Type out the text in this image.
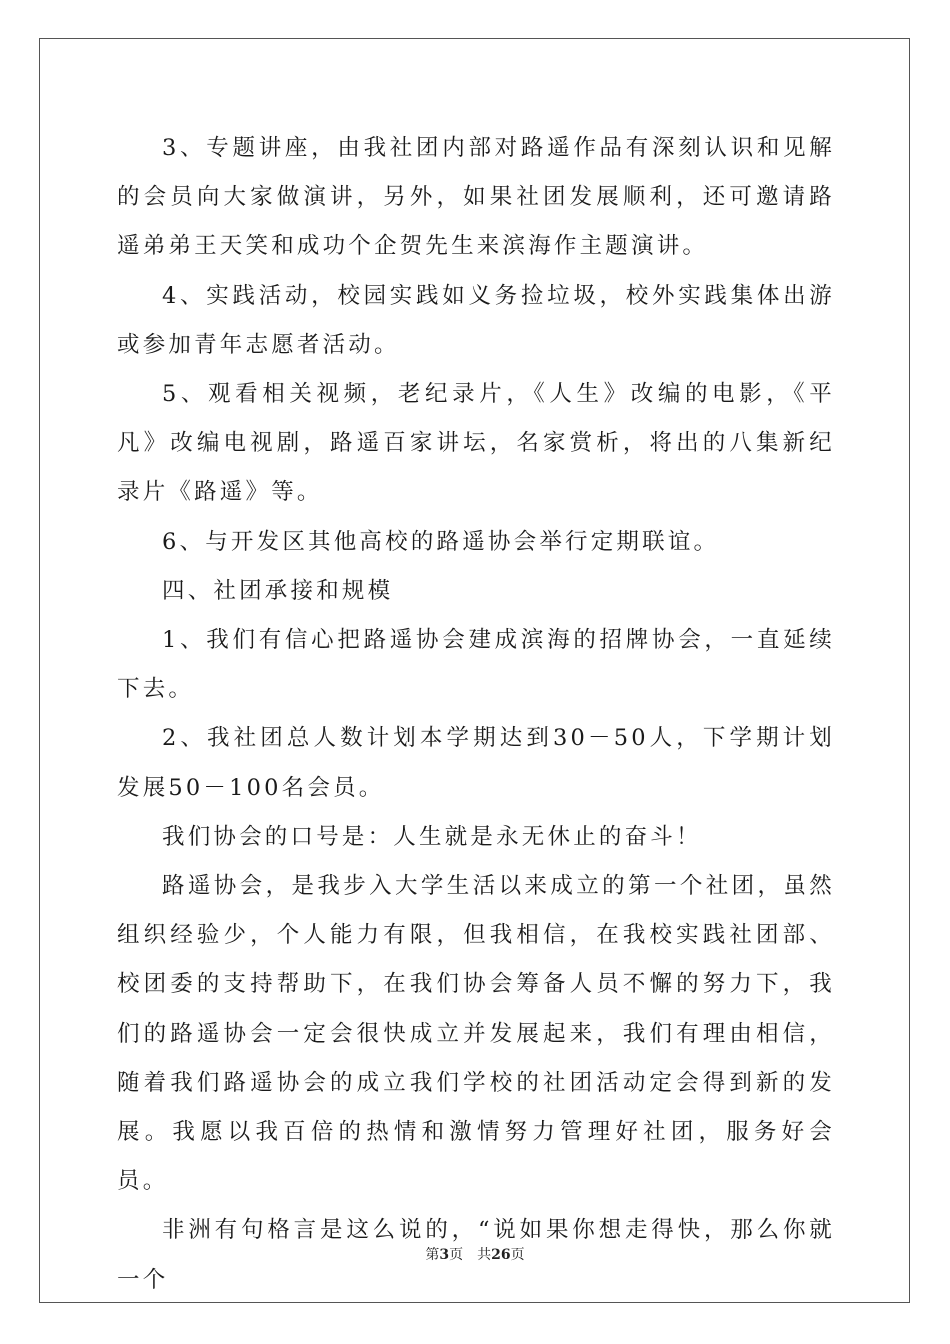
3、专题讲座，由我社团内部对路遥作品有深刻认识和见解的会员向大家做演讲，另外，如果社团发展顺利，还可邀请路遥弟弟王天笑和成功个企贺先生来滨海作主题演讲。

4、实践活动，校园实践如义务捡垃圾，校外实践集体出游或参加青年志愿者活动。

5、观看相关视频，老纪录片，《人生》改编的电影，《平凡》改编电视剧，路遥百家讲坛，名家赏析，将出的八集新纪录片《路遥》等。

6、与开发区其他高校的路遥协会举行定期联谊。

四、社团承接和规模

1、我们有信心把路遥协会建成滨海的招牌协会，一直延续下去。

2、我社团总人数计划本学期达到30－50人，下学期计划发展50－100名会员。

我们协会的口号是：人生就是永无休止的奋斗！

路遥协会，是我步入大学生活以来成立的第一个社团，虽然组织经验少，个人能力有限，但我相信，在我校实践社团部、校团委的支持帮助下，在我们协会筹备人员不懈的努力下，我们的路遥协会一定会很快成立并发展起来，我们有理由相信，随着我们路遥协会的成立我们学校的社团活动定会得到新的发展。我愿以我百倍的热情和激情努力管理好社团，服务好会员。

非洲有句格言是这么说的，“说如果你想走得快，那么你就一个

第3页 共26页
